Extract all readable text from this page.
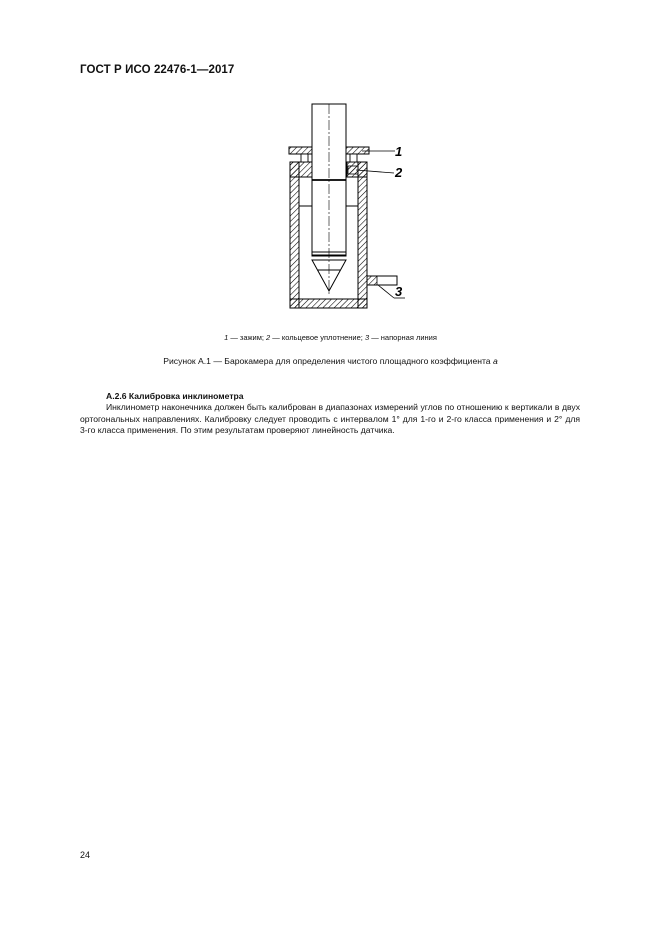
ГОСТ Р ИСО 22476-1—2017
1
2
3
1 — зажим; 2 — кольцевое уплотнение; 3 — напорная линия
Рисунок А.1 — Барокамера для определения чистого площадного коэффициента a
А.2.6 Калибровка инклинометра

Инклинометр наконечника должен быть калиброван в диапазонах измерений углов по отношению к вертикали в двух ортогональных направлениях. Калибровку следует проводить с интервалом 1° для 1-го и 2-го класса применения и 2° для 3-го класса применения. По этим результатам проверяют линейность датчика.

24
